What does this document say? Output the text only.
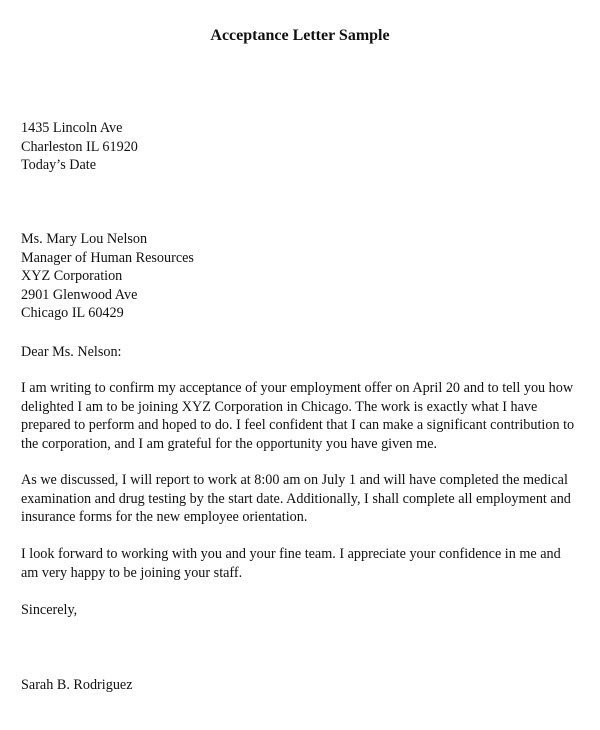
Acceptance Letter Sample
1435 Lincoln Ave
Charleston IL 61920
Today’s Date
Ms. Mary Lou Nelson
Manager of Human Resources
XYZ Corporation
2901 Glenwood Ave
Chicago IL 60429
Dear Ms. Nelson:
I am writing to confirm my acceptance of your employment offer on April 20 and to tell you how
delighted I am to be joining XYZ Corporation in Chicago. The work is exactly what I have
prepared to perform and hoped to do. I feel confident that I can make a significant contribution to
the corporation, and I am grateful for the opportunity you have given me.
As we discussed, I will report to work at 8:00 am on July 1 and will have completed the medical
examination and drug testing by the start date. Additionally, I shall complete all employment and
insurance forms for the new employee orientation.
I look forward to working with you and your fine team. I appreciate your confidence in me and
am very happy to be joining your staff.
Sincerely,
Sarah B. Rodriguez
